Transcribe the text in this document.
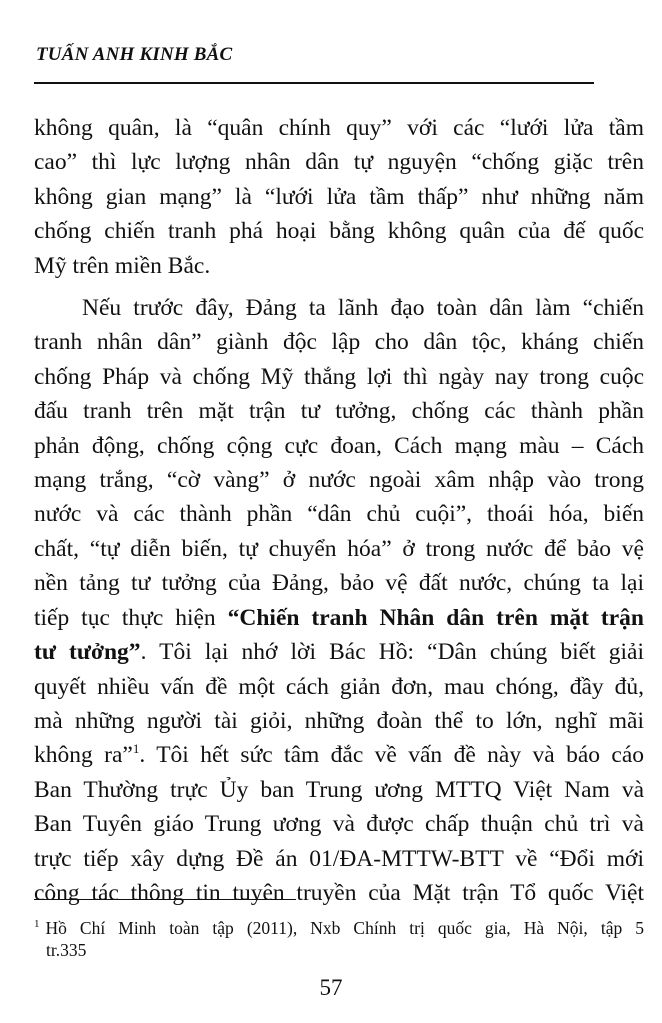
TUẤN ANH KINH BẮC
không quân, là “quân chính quy” với các “lưới lửa tầm
cao” thì lực lượng nhân dân tự nguyện “chống giặc trên
không gian mạng” là “lưới lửa tầm thấp” như những năm
chống chiến tranh phá hoại bằng không quân của đế quốc
Mỹ trên miền Bắc.
Nếu trước đây, Đảng ta lãnh đạo toàn dân làm “chiến
tranh nhân dân” giành độc lập cho dân tộc, kháng chiến
chống Pháp và chống Mỹ thắng lợi thì ngày nay trong cuộc
đấu tranh trên mặt trận tư tưởng, chống các thành phần
phản động, chống cộng cực đoan, Cách mạng màu – Cách
mạng trắng, “cờ vàng” ở nước ngoài xâm nhập vào trong
nước và các thành phần “dân chủ cuội”, thoái hóa, biến
chất, “tự diễn biến, tự chuyển hóa” ở trong nước để bảo vệ
nền tảng tư tưởng của Đảng, bảo vệ đất nước, chúng ta lại
tiếp tục thực hiện “Chiến tranh Nhân dân trên mặt trận
tư tưởng”. Tôi lại nhớ lời Bác Hồ: “Dân chúng biết giải
quyết nhiều vấn đề một cách giản đơn, mau chóng, đầy đủ,
mà những người tài giỏi, những đoàn thể to lớn, nghĩ mãi
không ra”$^1$. Tôi hết sức tâm đắc về vấn đề này và báo cáo
Ban Thường trực Ủy ban Trung ương MTTQ Việt Nam và
Ban Tuyên giáo Trung ương và được chấp thuận chủ trì và
trực tiếp xây dựng Đề án 01/ĐA-MTTW-BTT về “Đổi mới
công tác thông tin tuyên truyền của Mặt trận Tổ quốc Việt
$^1$ Hồ Chí Minh toàn tập (2011), Nxb Chính trị quốc gia, Hà Nội, tập 5
tr.335
57
